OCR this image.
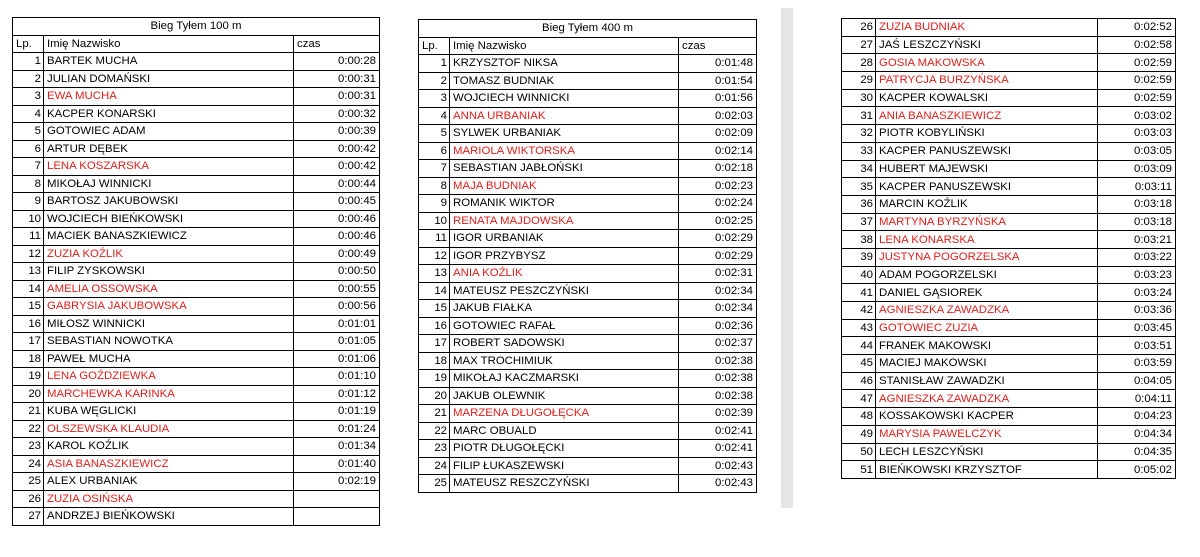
Bieg Tyłem 100 m		
Lp.	Imię Nazwisko	czas
1	BARTEK MUCHA	0:00:28
2	JULIAN DOMAŃSKI	0:00:31
3	EWA MUCHA	0:00:31
4	KACPER KONARSKI	0:00:32
5	GOTOWIEC ADAM	0:00:39
6	ARTUR DĘBEK	0:00:42
7	LENA KOSZARSKA	0:00:42
8	MIKOŁAJ WINNICKI	0:00:44
9	BARTOSZ JAKUBOWSKI	0:00:45
10	WOJCIECH BIEŃKOWSKI	0:00:46
11	MACIEK BANASZKIEWICZ	0:00:46
12	ZUZIA KOŹLIK	0:00:49
13	FILIP ZYSKOWSKI	0:00:50
14	AMELIA OSSOWSKA	0:00:55
15	GABRYSIA JAKUBOWSKA	0:00:56
16	MIŁOSZ WINNICKI	0:01:01
17	SEBASTIAN NOWOTKA	0:01:05
18	PAWEŁ MUCHA	0:01:06
19	LENA GOŹDZIEWKA	0:01:10
20	MARCHEWKA KARINKA	0:01:12
21	KUBA WĘGLICKI	0:01:19
22	OLSZEWSKA KLAUDIA	0:01:24
23	KAROL KOŹLIK	0:01:34
24	ASIA BANASZKIEWICZ	0:01:40
25	ALEX URBANIAK	0:02:19
26	ZUZIA OSIŃSKA	
27	ANDRZEJ BIEŃKOWSKI	
Bieg Tyłem 400 m		
Lp.	Imię Nazwisko	czas
1	KRZYSZTOF NIKSA	0:01:48
2	TOMASZ BUDNIAK	0:01:54
3	WOJCIECH WINNICKI	0:01:56
4	ANNA URBANIAK	0:02:03
5	SYLWEK URBANIAK	0:02:09
6	MARIOLA WIKTORSKA	0:02:14
7	SEBASTIAN JABŁOŃSKI	0:02:18
8	MAJA BUDNIAK	0:02:23
9	ROMANIK WIKTOR	0:02:24
10	RENATA MAJDOWSKA	0:02:25
11	IGOR URBANIAK	0:02:29
12	IGOR PRZYBYSZ	0:02:29
13	ANIA KOŹLIK	0:02:31
14	MATEUSZ PESZCZYŃSKI	0:02:34
15	JAKUB FIAŁKA	0:02:34
16	GOTOWIEC RAFAŁ	0:02:36
17	ROBERT SADOWSKI	0:02:37
18	MAX TROCHIMIUK	0:02:38
19	MIKOŁAJ KACZMARSKI	0:02:38
20	JAKUB OLEWNIK	0:02:38
21	MARZENA DŁUGOŁĘCKA	0:02:39
22	MARC OBUALD	0:02:41
23	PIOTR DŁUGOŁĘCKI	0:02:41
24	FILIP ŁUKASZEWSKI	0:02:43
25	MATEUSZ RESZCZYŃSKI	0:02:43
26	ZUZIA BUDNIAK	0:02:52
27	JAŚ LESZCZYŃSKI	0:02:58
28	GOSIA MAKOWSKA	0:02:59
29	PATRYCJA BURZYŃSKA	0:02:59
30	KACPER KOWALSKI	0:02:59
31	ANIA BANASZKIEWICZ	0:03:02
32	PIOTR KOBYLIŃSKI	0:03:03
33	KACPER PANUSZEWSKI	0:03:05
34	HUBERT MAJEWSKI	0:03:09
35	KACPER PANUSZEWSKI	0:03:11
36	MARCIN KOŹLIK	0:03:18
37	MARTYNA BYRZYŃSKA	0:03:18
38	LENA KONARSKA	0:03:21
39	JUSTYNA POGORZELSKA	0:03:22
40	ADAM POGORZELSKI	0:03:23
41	DANIEL GĄSIOREK	0:03:24
42	AGNIESZKA ZAWADZKA	0:03:36
43	GOTOWIEC ZUZIA	0:03:45
44	FRANEK MAKOWSKI	0:03:51
45	MACIEJ MAKOWSKI	0:03:59
46	STANISŁAW ZAWADZKI	0:04:05
47	AGNIESZKA ZAWADZKA	0:04:11
48	KOSSAKOWSKI KACPER	0:04:23
49	MARYSIA PAWELCZYK	0:04:34
50	LECH LESZCYŃSKI	0:04:35
51	BIEŃKOWSKI KRZYSZTOF	0:05:02
